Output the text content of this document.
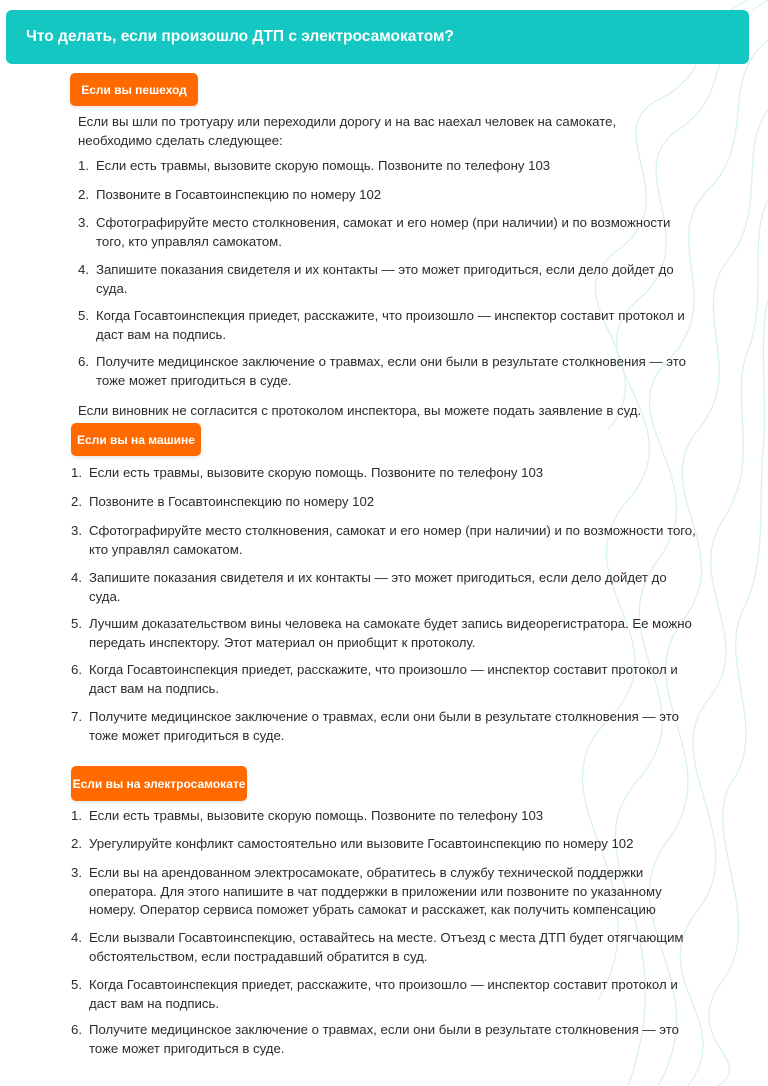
Что делать, если произошло ДТП с электросамокатом?
Если вы пешеход

Если вы шли по тротуару или переходили дорогу и на вас наехал человек на самокате, необходимо сделать следующее:

1. Если есть травмы, вызовите скорую помощь. Позвоните по телефону 103
2. Позвоните в Госавтоинспекцию по номеру 102
3. Сфотографируйте место столкновения, самокат и его номер (при наличии) и по возможности того, кто управлял самокатом.
4. Запишите показания свидетеля и их контакты — это может пригодиться, если дело дойдет до суда.
5. Когда Госавтоинспекция приедет, расскажите, что произошло — инспектор составит протокол и даст вам на подпись.
6. Получите медицинское заключение о травмах, если они были в результате столкновения — это тоже может пригодиться в суде.

Если виновник не согласится с протоколом инспектора, вы можете подать заявление в суд.

Если вы на машине
1. Если есть травмы, вызовите скорую помощь. Позвоните по телефону 103
2. Позвоните в Госавтоинспекцию по номеру 102
3. Сфотографируйте место столкновения, самокат и его номер (при наличии) и по возможности того, кто управлял самокатом.
4. Запишите показания свидетеля и их контакты — это может пригодиться, если дело дойдет до суда.
5. Лучшим доказательством вины человека на самокате будет запись видеорегистратора. Ее можно передать инспектору. Этот материал он приобщит к протоколу.
6. Когда Госавтоинспекция приедет, расскажите, что произошло — инспектор составит протокол и даст вам на подпись.
7. Получите медицинское заключение о травмах, если они были в результате столкновения — это тоже может пригодиться в суде.
Если вы на электросамокате
1. Если есть травмы, вызовите скорую помощь. Позвоните по телефону 103
2. Урегулируйте конфликт самостоятельно или вызовите Госавтоинспекцию по номеру 102
3. Если вы на арендованном электросамокате, обратитесь в службу технической поддержки оператора. Для этого напишите в чат поддержки в приложении или позвоните по указанному номеру. Оператор сервиса поможет убрать самокат и расскажет, как получить компенсацию
4. Если вызвали Госавтоинспекцию, оставайтесь на месте. Отъезд с места ДТП будет отягчающим обстоятельством, если пострадавший обратится в суд.
5. Когда Госавтоинспекция приедет, расскажите, что произошло — инспектор составит протокол и даст вам на подпись.
6. Получите медицинское заключение о травмах, если они были в результате столкновения — это тоже может пригодиться в суде.
